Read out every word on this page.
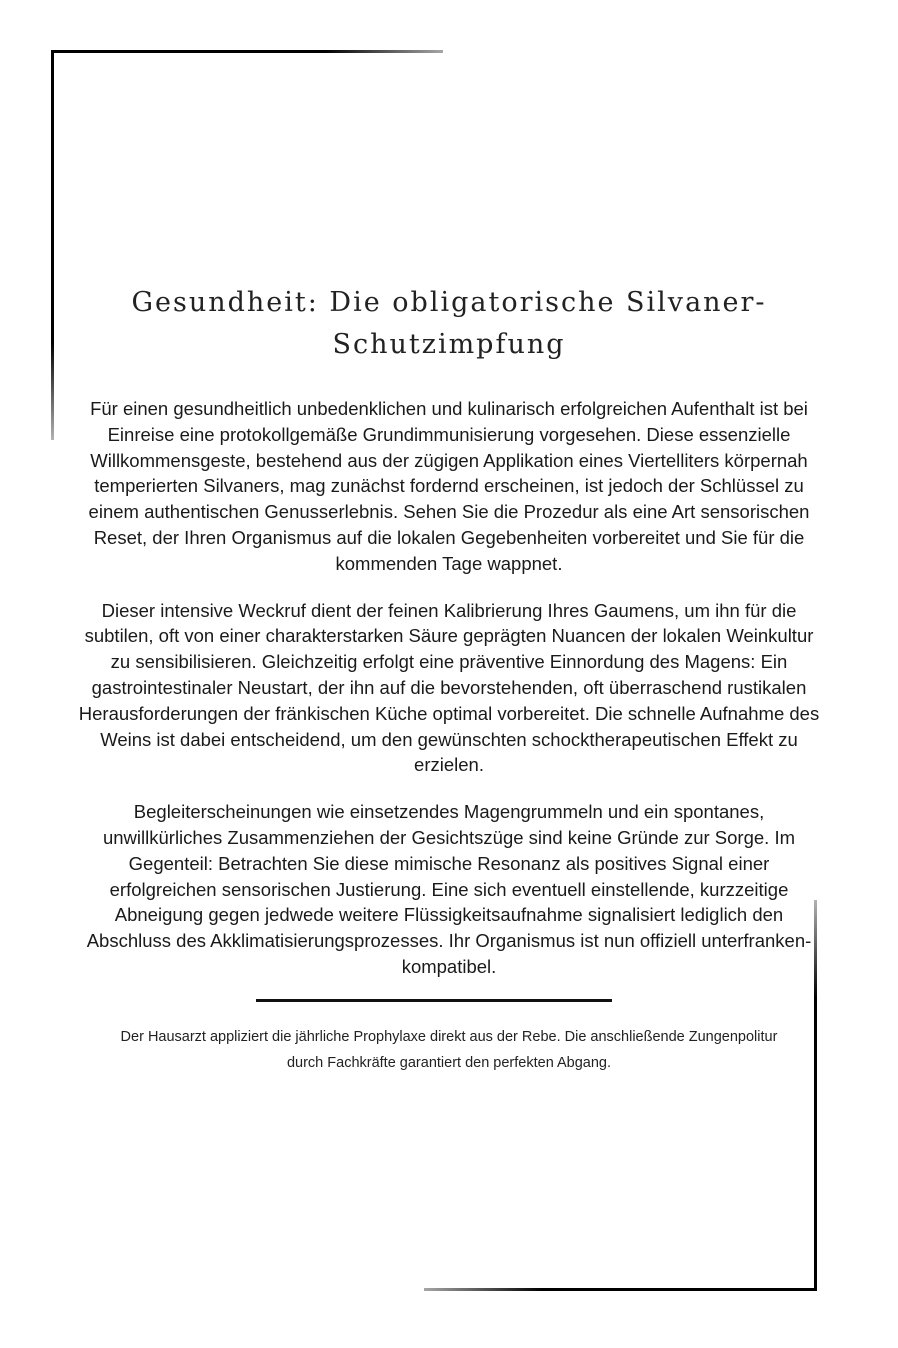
Gesundheit: Die obligatorische Silvaner-Schutzimpfung

Für einen gesundheitlich unbedenklichen und kulinarisch erfolgreichen Aufenthalt ist bei Einreise eine protokollgemäße Grundimmunisierung vorgesehen. Diese essenzielle Willkommensgeste, bestehend aus der zügigen Applikation eines Viertelliters körpernah temperierten Silvaners, mag zunächst fordernd erscheinen, ist jedoch der Schlüssel zu einem authentischen Genusserlebnis. Sehen Sie die Prozedur als eine Art sensorischen Reset, der Ihren Organismus auf die lokalen Gegebenheiten vorbereitet und Sie für die kommenden Tage wappnet.

Dieser intensive Weckruf dient der feinen Kalibrierung Ihres Gaumens, um ihn für die subtilen, oft von einer charakterstarken Säure geprägten Nuancen der lokalen Weinkultur zu sensibilisieren. Gleichzeitig erfolgt eine präventive Einnordung des Magens: Ein gastrointestinaler Neustart, der ihn auf die bevorstehenden, oft überraschend rustikalen Herausforderungen der fränkischen Küche optimal vorbereitet. Die schnelle Aufnahme des Weins ist dabei entscheidend, um den gewünschten schocktherapeutischen Effekt zu erzielen.

Begleiterscheinungen wie einsetzendes Magengrummeln und ein spontanes, unwillkürliches Zusammenziehen der Gesichtszüge sind keine Gründe zur Sorge. Im Gegenteil: Betrachten Sie diese mimische Resonanz als positives Signal einer erfolgreichen sensorischen Justierung. Eine sich eventuell einstellende, kurzzeitige Abneigung gegen jedwede weitere Flüssigkeitsaufnahme signalisiert lediglich den Abschluss des Akklimatisierungsprozesses. Ihr Organismus ist nun offiziell unterfranken-kompatibel.

Der Hausarzt appliziert die jährliche Prophylaxe direkt aus der Rebe. Die anschließende Zungenpolitur durch Fachkräfte garantiert den perfekten Abgang.
